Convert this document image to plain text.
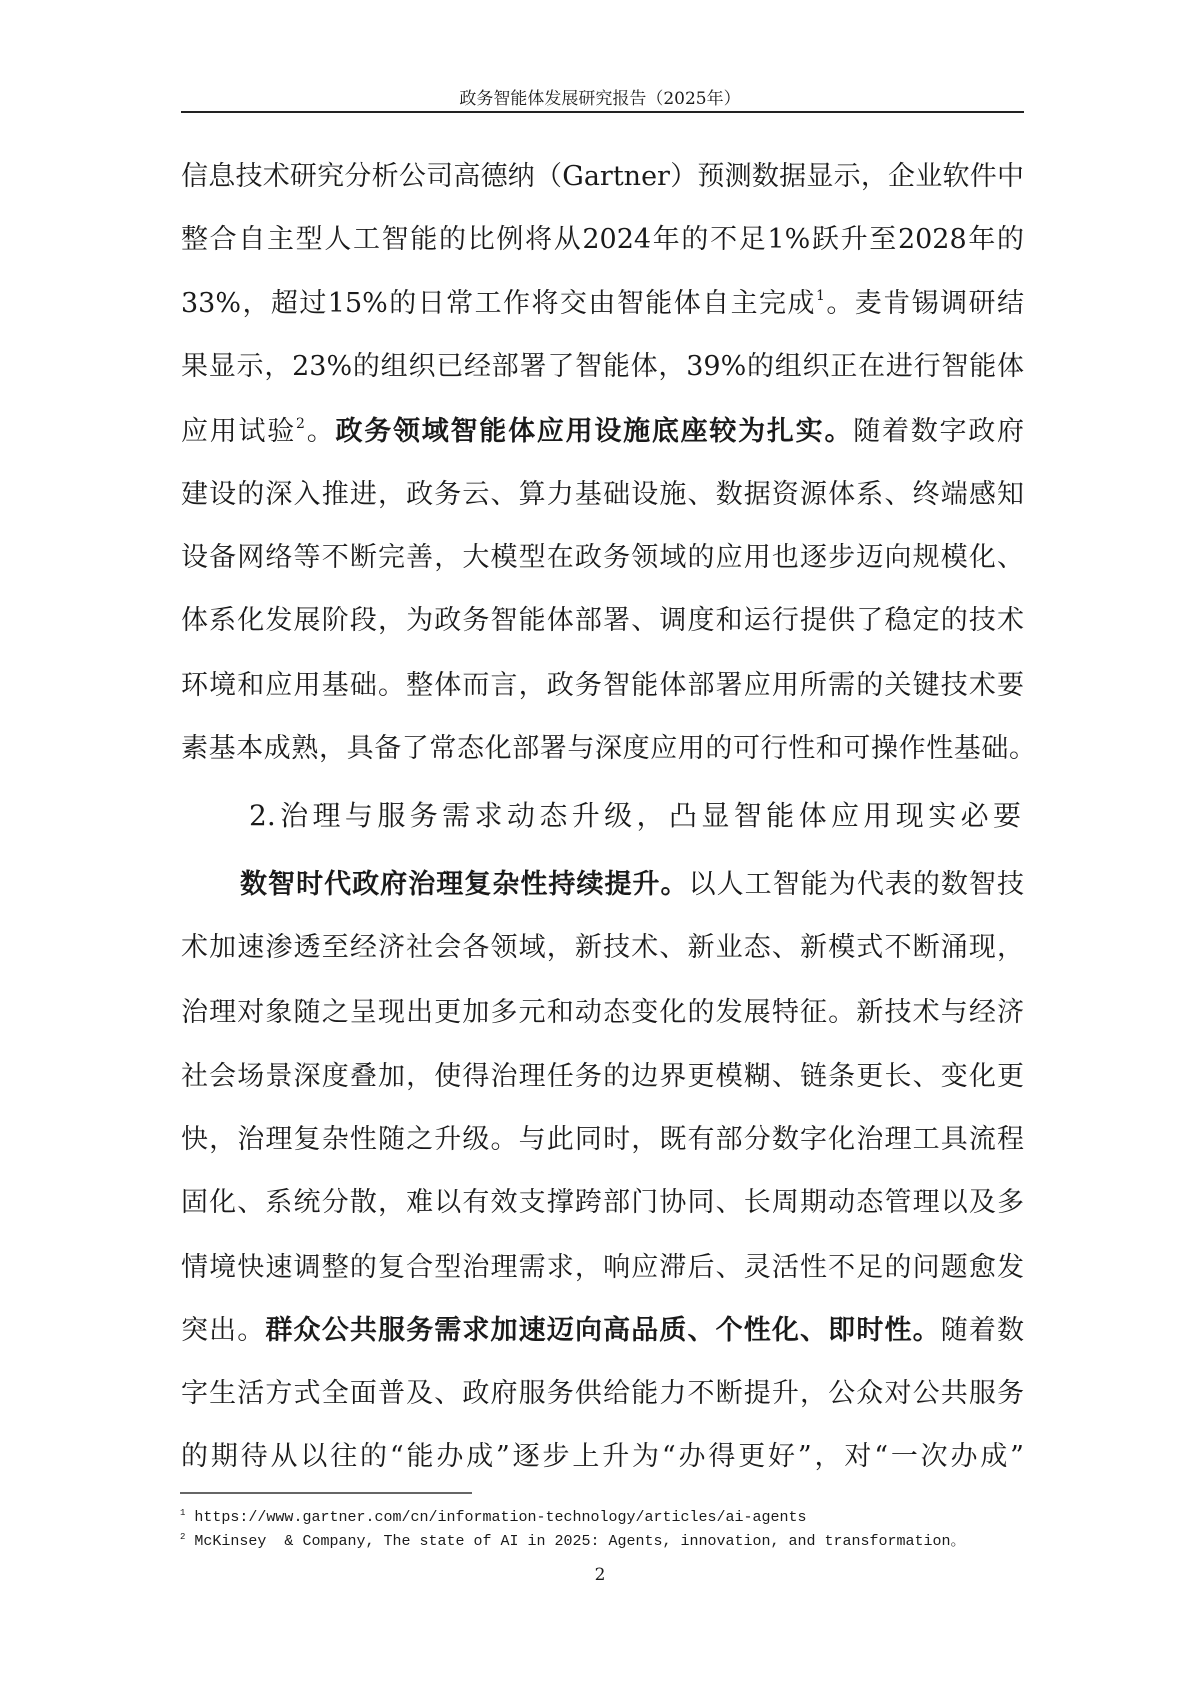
政务智能体发展研究报告（2025年）
信息技术研究分析公司高德纳（Gartner）预测数据显示，企业软件中
整合自主型人工智能的比例将从2024年的不足1%跃升至2028年的
33%，超过15%的日常工作将交由智能体自主完成$^1$。麦肯锡调研结
果显示，23%的组织已经部署了智能体，39%的组织正在进行智能体
应用试验$^2$。政务领域智能体应用设施底座较为扎实。随着数字政府
建设的深入推进，政务云、算力基础设施、数据资源体系、终端感知
设备网络等不断完善，大模型在政务领域的应用也逐步迈向规模化、
体系化发展阶段，为政务智能体部署、调度和运行提供了稳定的技术
环境和应用基础。整体而言，政务智能体部署应用所需的关键技术要
素基本成熟，具备了常态化部署与深度应用的可行性和可操作性基础。
2.治理与服务需求动态升级，凸显智能体应用现实必要
数智时代政府治理复杂性持续提升。以人工智能为代表的数智技
术加速渗透至经济社会各领域，新技术、新业态、新模式不断涌现，
治理对象随之呈现出更加多元和动态变化的发展特征。新技术与经济
社会场景深度叠加，使得治理任务的边界更模糊、链条更长、变化更
快，治理复杂性随之升级。与此同时，既有部分数字化治理工具流程
固化、系统分散，难以有效支撑跨部门协同、长周期动态管理以及多
情境快速调整的复合型治理需求，响应滞后、灵活性不足的问题愈发
突出。群众公共服务需求加速迈向高品质、个性化、即时性。随着数
字生活方式全面普及、政府服务供给能力不断提升，公众对公共服务
的期待从以往的“能办成”逐步上升为“办得更好”，对“一次办成”
$^1$ https://www.gartner.com/cn/information-technology/articles/ai-agents
$^2$ McKinsey  & Company, The state of AI in 2025: Agents, innovation, and transformation。
2
